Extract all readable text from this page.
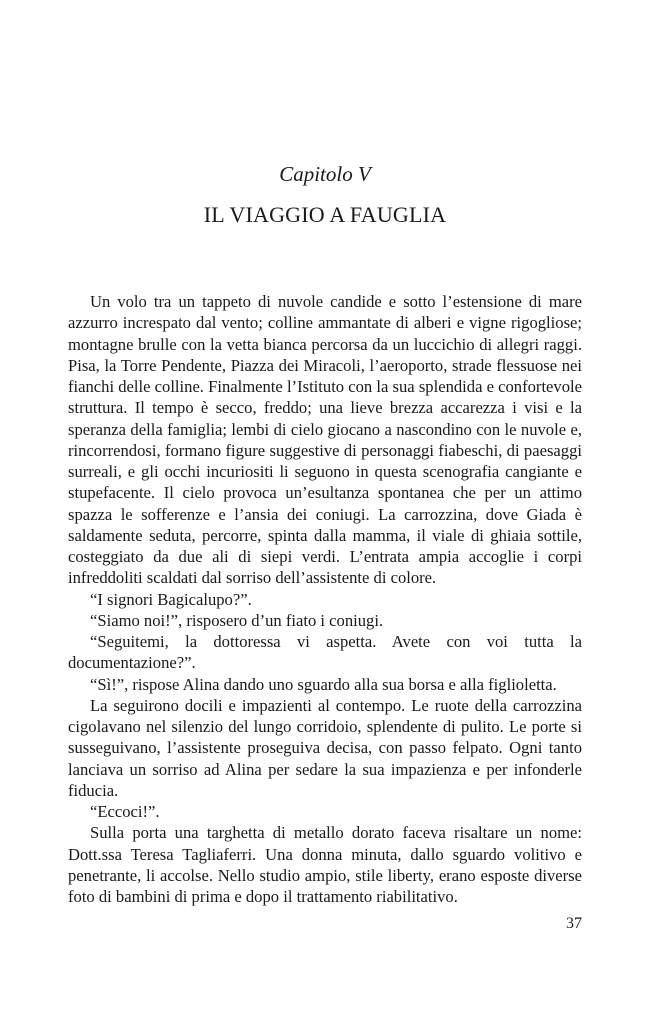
Capitolo V
IL VIAGGIO A FAUGLIA

Un volo tra un tappeto di nuvole candide e sotto l’estensione di mare azzurro increspato dal vento; colline ammantate di alberi e vigne rigogliose; montagne brulle con la vetta bianca percorsa da un luccichio di allegri raggi. Pisa, la Torre Pendente, Piazza dei Miracoli, l’aeroporto, strade flessuose nei fianchi delle colline. Finalmente l’Istituto con la sua splendida e confortevole struttura. Il tempo è secco, freddo; una lieve brezza accarezza i visi e la speranza della famiglia; lembi di cielo giocano a nascondino con le nuvole e, rincorrendosi, formano figure suggestive di personaggi fiabeschi, di paesaggi surreali, e gli occhi incuriositi li seguono in questa scenografia cangiante e stupefacente. Il cielo provoca un’esultanza spontanea che per un attimo spazza le sofferenze e l’ansia dei coniugi. La carrozzina, dove Giada è saldamente seduta, percorre, spinta dalla mamma, il viale di ghiaia sottile, costeggiato da due ali di siepi verdi. L’entrata ampia accoglie i corpi infreddoliti scaldati dal sorriso dell’assistente di colore.

“I signori Bagicalupo?”.

“Siamo noi!”, risposero d’un fiato i coniugi.

“Seguitemi, la dottoressa vi aspetta. Avete con voi tutta la documentazione?”.

“Sì!”, rispose Alina dando uno sguardo alla sua borsa e alla figlioletta.

La seguirono docili e impazienti al contempo. Le ruote della carrozzina cigolavano nel silenzio del lungo corridoio, splendente di pulito. Le porte si susseguivano, l’assistente proseguiva decisa, con passo felpato. Ogni tanto lanciava un sorriso ad Alina per sedare la sua impazienza e per infonderle fiducia.

“Eccoci!”.

Sulla porta una targhetta di metallo dorato faceva risaltare un nome: Dott.ssa Teresa Tagliaferri. Una donna minuta, dallo sguardo volitivo e penetrante, li accolse. Nello studio ampio, stile liberty, erano esposte diverse foto di bambini di prima e dopo il trattamento riabilitativo.

37
